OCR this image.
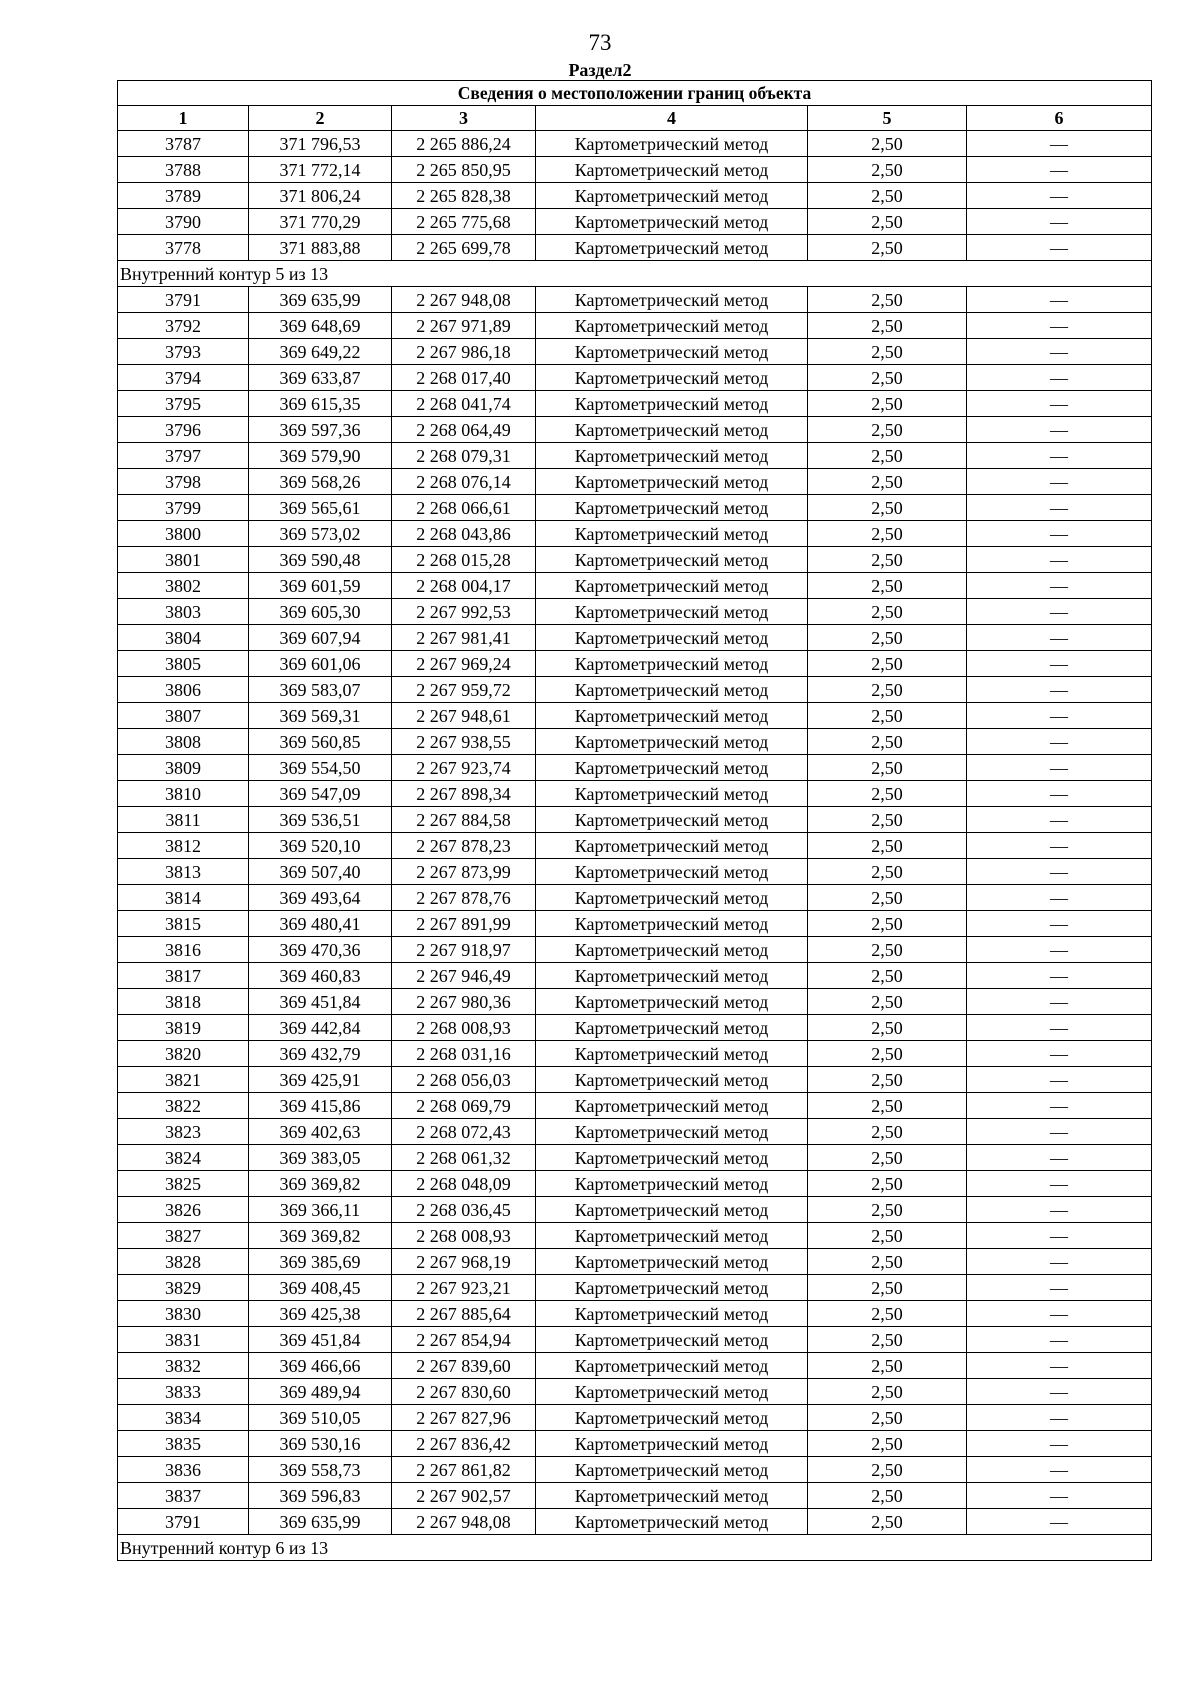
73
Раздел2
Сведения о местоположении границ объекта					
1	2	3	4	5	6
3787	371 796,53	2 265 886,24	Картометрический метод	2,50	—
3788	371 772,14	2 265 850,95	Картометрический метод	2,50	—
3789	371 806,24	2 265 828,38	Картометрический метод	2,50	—
3790	371 770,29	2 265 775,68	Картометрический метод	2,50	—
3778	371 883,88	2 265 699,78	Картометрический метод	2,50	—
Внутренний контур 5 из 13					
3791	369 635,99	2 267 948,08	Картометрический метод	2,50	—
3792	369 648,69	2 267 971,89	Картометрический метод	2,50	—
3793	369 649,22	2 267 986,18	Картометрический метод	2,50	—
3794	369 633,87	2 268 017,40	Картометрический метод	2,50	—
3795	369 615,35	2 268 041,74	Картометрический метод	2,50	—
3796	369 597,36	2 268 064,49	Картометрический метод	2,50	—
3797	369 579,90	2 268 079,31	Картометрический метод	2,50	—
3798	369 568,26	2 268 076,14	Картометрический метод	2,50	—
3799	369 565,61	2 268 066,61	Картометрический метод	2,50	—
3800	369 573,02	2 268 043,86	Картометрический метод	2,50	—
3801	369 590,48	2 268 015,28	Картометрический метод	2,50	—
3802	369 601,59	2 268 004,17	Картометрический метод	2,50	—
3803	369 605,30	2 267 992,53	Картометрический метод	2,50	—
3804	369 607,94	2 267 981,41	Картометрический метод	2,50	—
3805	369 601,06	2 267 969,24	Картометрический метод	2,50	—
3806	369 583,07	2 267 959,72	Картометрический метод	2,50	—
3807	369 569,31	2 267 948,61	Картометрический метод	2,50	—
3808	369 560,85	2 267 938,55	Картометрический метод	2,50	—
3809	369 554,50	2 267 923,74	Картометрический метод	2,50	—
3810	369 547,09	2 267 898,34	Картометрический метод	2,50	—
3811	369 536,51	2 267 884,58	Картометрический метод	2,50	—
3812	369 520,10	2 267 878,23	Картометрический метод	2,50	—
3813	369 507,40	2 267 873,99	Картометрический метод	2,50	—
3814	369 493,64	2 267 878,76	Картометрический метод	2,50	—
3815	369 480,41	2 267 891,99	Картометрический метод	2,50	—
3816	369 470,36	2 267 918,97	Картометрический метод	2,50	—
3817	369 460,83	2 267 946,49	Картометрический метод	2,50	—
3818	369 451,84	2 267 980,36	Картометрический метод	2,50	—
3819	369 442,84	2 268 008,93	Картометрический метод	2,50	—
3820	369 432,79	2 268 031,16	Картометрический метод	2,50	—
3821	369 425,91	2 268 056,03	Картометрический метод	2,50	—
3822	369 415,86	2 268 069,79	Картометрический метод	2,50	—
3823	369 402,63	2 268 072,43	Картометрический метод	2,50	—
3824	369 383,05	2 268 061,32	Картометрический метод	2,50	—
3825	369 369,82	2 268 048,09	Картометрический метод	2,50	—
3826	369 366,11	2 268 036,45	Картометрический метод	2,50	—
3827	369 369,82	2 268 008,93	Картометрический метод	2,50	—
3828	369 385,69	2 267 968,19	Картометрический метод	2,50	—
3829	369 408,45	2 267 923,21	Картометрический метод	2,50	—
3830	369 425,38	2 267 885,64	Картометрический метод	2,50	—
3831	369 451,84	2 267 854,94	Картометрический метод	2,50	—
3832	369 466,66	2 267 839,60	Картометрический метод	2,50	—
3833	369 489,94	2 267 830,60	Картометрический метод	2,50	—
3834	369 510,05	2 267 827,96	Картометрический метод	2,50	—
3835	369 530,16	2 267 836,42	Картометрический метод	2,50	—
3836	369 558,73	2 267 861,82	Картометрический метод	2,50	—
3837	369 596,83	2 267 902,57	Картометрический метод	2,50	—
3791	369 635,99	2 267 948,08	Картометрический метод	2,50	—
Внутренний контур 6 из 13					
